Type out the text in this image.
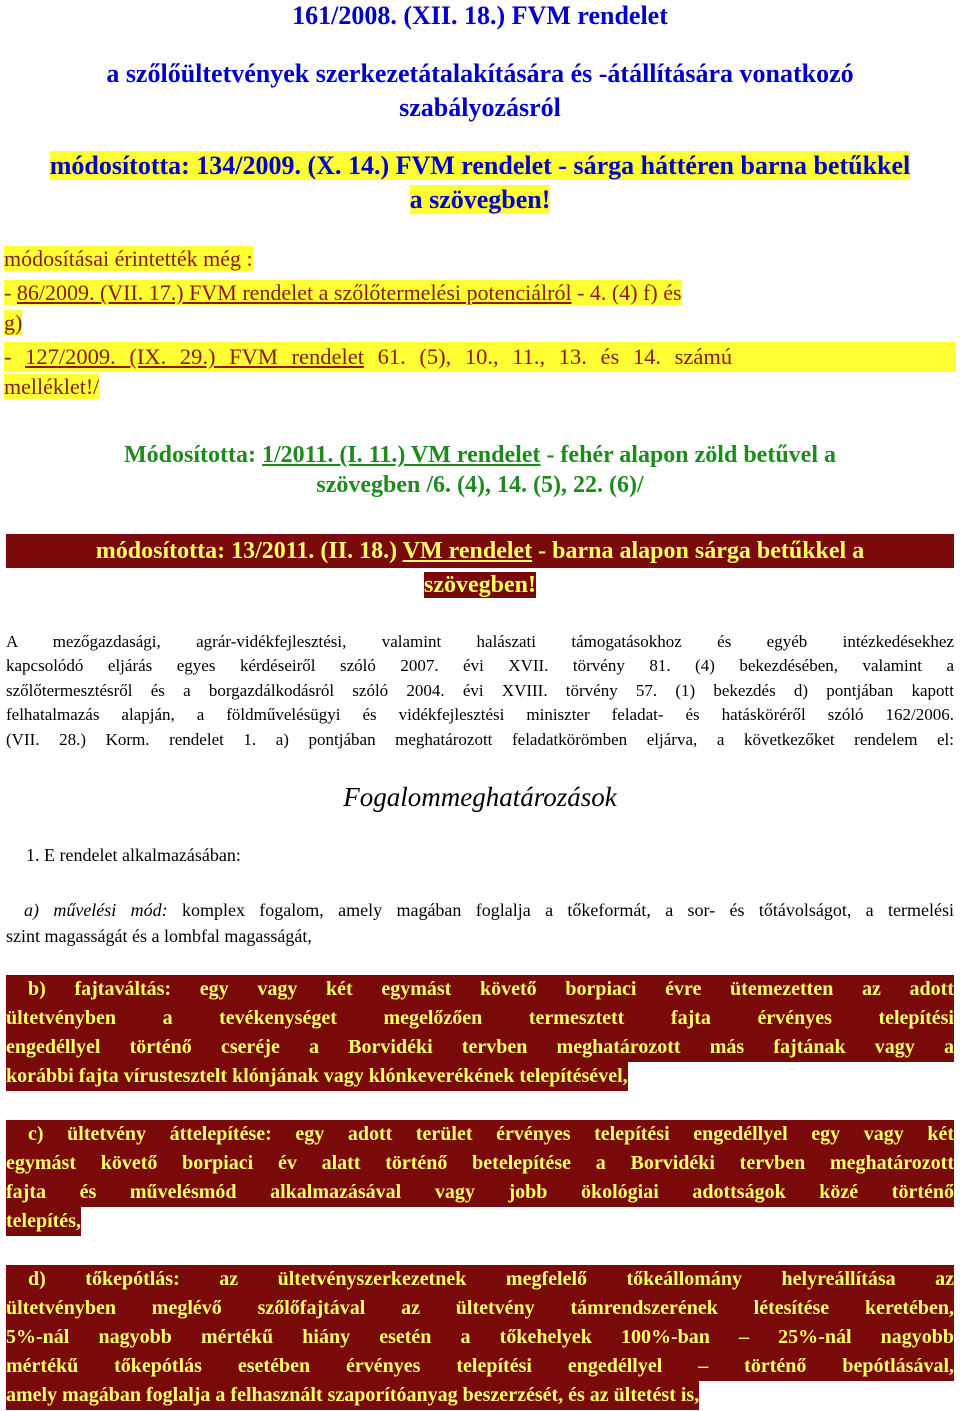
161/2008. (XII. 18.) FVM rendelet
a szőlőültetvények szerkezetátalakítására és -átállítására vonatkozó
szabályozásról
módosította: 134/2009. (X. 14.) FVM rendelet - sárga háttéren barna betűkkel
a szövegben!
módosításai érintették még :
- 86/2009. (VII. 17.) FVM rendelet a szőlőtermelési potenciálról - 4. (4) f) és
g)
- 127/2009. (IX. 29.) FVM rendelet 61. (5), 10., 11., 13. és 14. számú
melléklet!/
Módosította: 1/2011. (I. 11.) VM rendelet - fehér alapon zöld betűvel a
szövegben /6. (4), 14. (5), 22. (6)/
módosította: 13/2011. (II. 18.) VM rendelet - barna alapon sárga betűkkel a
szövegben!
A mezőgazdasági, agrár-vidékfejlesztési, valamint halászati támogatásokhoz és egyéb intézkedésekhez
kapcsolódó eljárás egyes kérdéseiről szóló 2007. évi XVII. törvény 81. (4) bekezdésében, valamint a
szőlőtermesztésről és a borgazdálkodásról szóló 2004. évi XVIII. törvény 57. (1) bekezdés d) pontjában kapott
felhatalmazás alapján, a földművelésügyi és vidékfejlesztési miniszter feladat- és hatásköréről szóló 162/2006.
(VII. 28.) Korm. rendelet 1. a) pontjában meghatározott feladatkörömben eljárva, a következőket rendelem el:
Fogalommeghatározások
1. E rendelet alkalmazásában:
a) művelési mód: komplex fogalom, amely magában foglalja a tőkeformát, a sor- és tőtávolságot, a termelési
szint magasságát és a lombfal magasságát,
b) fajtaváltás: egy vagy két egymást követő borpiaci évre ütemezetten az adott
ültetvényben a tevékenységet megelőzően termesztett fajta érvényes telepítési
engedéllyel történő cseréje a Borvidéki tervben meghatározott más fajtának vagy a
korábbi fajta vírustesztelt klónjának vagy klónkeverékének telepítésével,
c) ültetvény áttelepítése: egy adott terület érvényes telepítési engedéllyel egy vagy két
egymást követő borpiaci év alatt történő betelepítése a Borvidéki tervben meghatározott
fajta és művelésmód alkalmazásával vagy jobb ökológiai adottságok közé történő
telepítés,
d) tőkepótlás: az ültetvényszerkezetnek megfelelő tőkeállomány helyreállítása az
ültetvényben meglévő szőlőfajtával az ültetvény támrendszerének létesítése keretében,
5%-nál nagyobb mértékű hiány esetén a tőkehelyek 100%-ban – 25%-nál nagyobb
mértékű tőkepótlás esetében érvényes telepítési engedéllyel – történő bepótlásával,
amely magában foglalja a felhasznált szaporítóanyag beszerzését, és az ültetést is,
